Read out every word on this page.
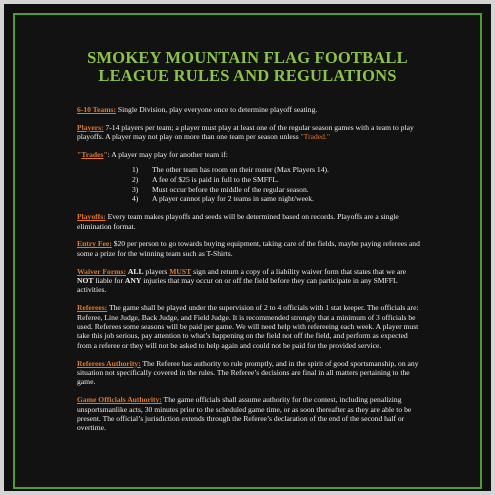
SMOKEY MOUNTAIN FLAG FOOTBALL
LEAGUE RULES AND REGULATIONS

6-10 Teams: Single Division, play everyone once to determine playoff seating.

Players: 7-14 players per team; a player must play at least one of the regular season games with a team to play playoffs. A player may not play on more than one team per season unless "Traded."

"Trades": A player may play for another team if:
1)	The other team has room on their roster (Max Players 14).
2)	A fee of $25 is paid in full to the SMFFL.
3)	Must occur before the middle of the regular season.
4)	A player cannot play for 2 teams in same night/week.

Playoffs: Every team makes playoffs and seeds will be determined based on records. Playoffs are a single elimination format.

Entry Fee: $20 per person to go towards buying equipment, taking care of the fields, maybe paying referees and some a prize for the winning team such as T-Shirts.

Waiver Forms: ALL players MUST sign and return a copy of a liability waiver form that states that we are NOT liable for ANY injuries that may occur on or off the field before they can participate in any SMFFL activities.

Referees: The game shall be played under the supervision of 2 to 4 officials with 1 stat keeper. The officials are: Referee, Line Judge, Back Judge, and Field Judge. It is recommended strongly that a minimum of 3 officials be used. Referees some seasons will be paid per game. We will need help with refereeing each week. A player must take this job serious, pay attention to what’s happening on the field not off the field, and perform as expected from a referee or they will not be asked to help again and could not be paid for the provided service.

Referees Authority: The Referee has authority to rule promptly, and in the spirit of good sportsmanship, on any situation not specifically covered in the rules. The Referee’s decisions are final in all matters pertaining to the game.

Game Officials Authority: The game officials shall assume authority for the contest, including penalizing unsportsmanlike acts, 30 minutes prior to the scheduled game time, or as soon thereafter as they are able to be present. The official’s jurisdiction extends through the Referee’s declaration of the end of the second half or overtime.
